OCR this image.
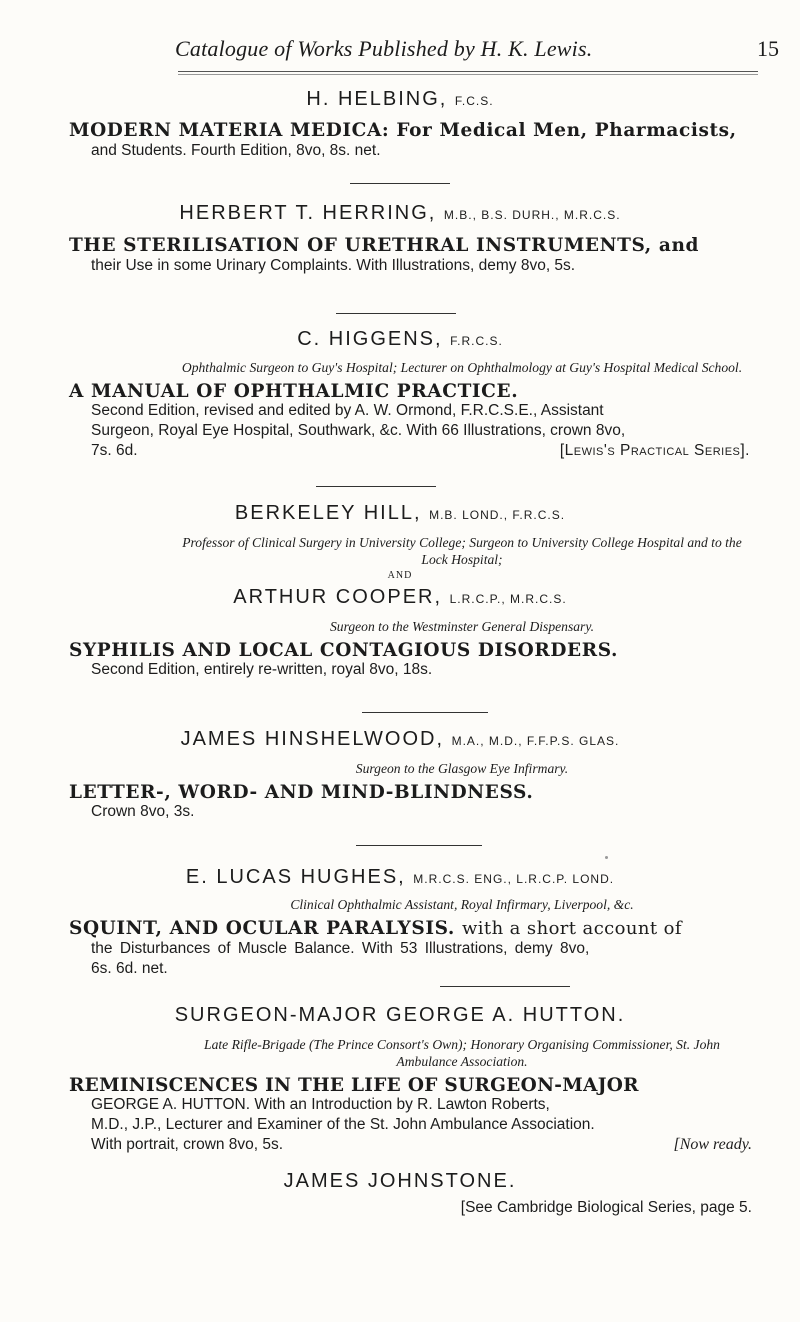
Catalogue of Works Published by H. K. Lewis.	15
H. HELBING, F.C.S.
MODERN MATERIA MEDICA: For Medical Men, Pharmacists,
and Students. Fourth Edition, 8vo, 8s. net.
HERBERT T. HERRING, M.B., B.S. DURH., M.R.C.S.
THE STERILISATION OF URETHRAL INSTRUMENTS, and
their Use in some Urinary Complaints. With Illustrations, demy 8vo, 5s.
C. HIGGENS, F.R.C.S.
Ophthalmic Surgeon to Guy's Hospital; Lecturer on Ophthalmology at Guy's Hospital Medical School.
A MANUAL OF OPHTHALMIC PRACTICE.
Second Edition, revised and edited by A. W. Ormond, F.R.C.S.E., Assistant
Surgeon, Royal Eye Hospital, Southwark, &c. With 66 Illustrations, crown 8vo,
7s. 6d.	[Lewis's Practical Series].
BERKELEY HILL, M.B. LOND., F.R.C.S.
Professor of Clinical Surgery in University College; Surgeon to University College Hospital and to the
Lock Hospital;
AND
ARTHUR COOPER, L.R.C.P., M.R.C.S.
Surgeon to the Westminster General Dispensary.
SYPHILIS AND LOCAL CONTAGIOUS DISORDERS.
Second Edition, entirely re-written, royal 8vo, 18s.
JAMES HINSHELWOOD, M.A., M.D., F.F.P.S. GLAS.
Surgeon to the Glasgow Eye Infirmary.
LETTER-, WORD- AND MIND-BLINDNESS.
Crown 8vo, 3s.
E. LUCAS HUGHES, M.R.C.S. ENG., L.R.C.P. LOND.
Clinical Ophthalmic Assistant, Royal Infirmary, Liverpool, &c.
SQUINT, AND OCULAR PARALYSIS. with a short account of
the Disturbances of Muscle Balance. With 53 Illustrations, demy 8vo,
6s. 6d. net.
SURGEON-MAJOR GEORGE A. HUTTON.
Late Rifle-Brigade (The Prince Consort's Own); Honorary Organising Commissioner, St. John
Ambulance Association.
REMINISCENCES IN THE LIFE OF SURGEON-MAJOR
GEORGE A. HUTTON. With an Introduction by R. Lawton Roberts,
M.D., J.P., Lecturer and Examiner of the St. John Ambulance Association.
With portrait, crown 8vo, 5s.	[Now ready.
JAMES JOHNSTONE.
[See Cambridge Biological Series, page 5.
